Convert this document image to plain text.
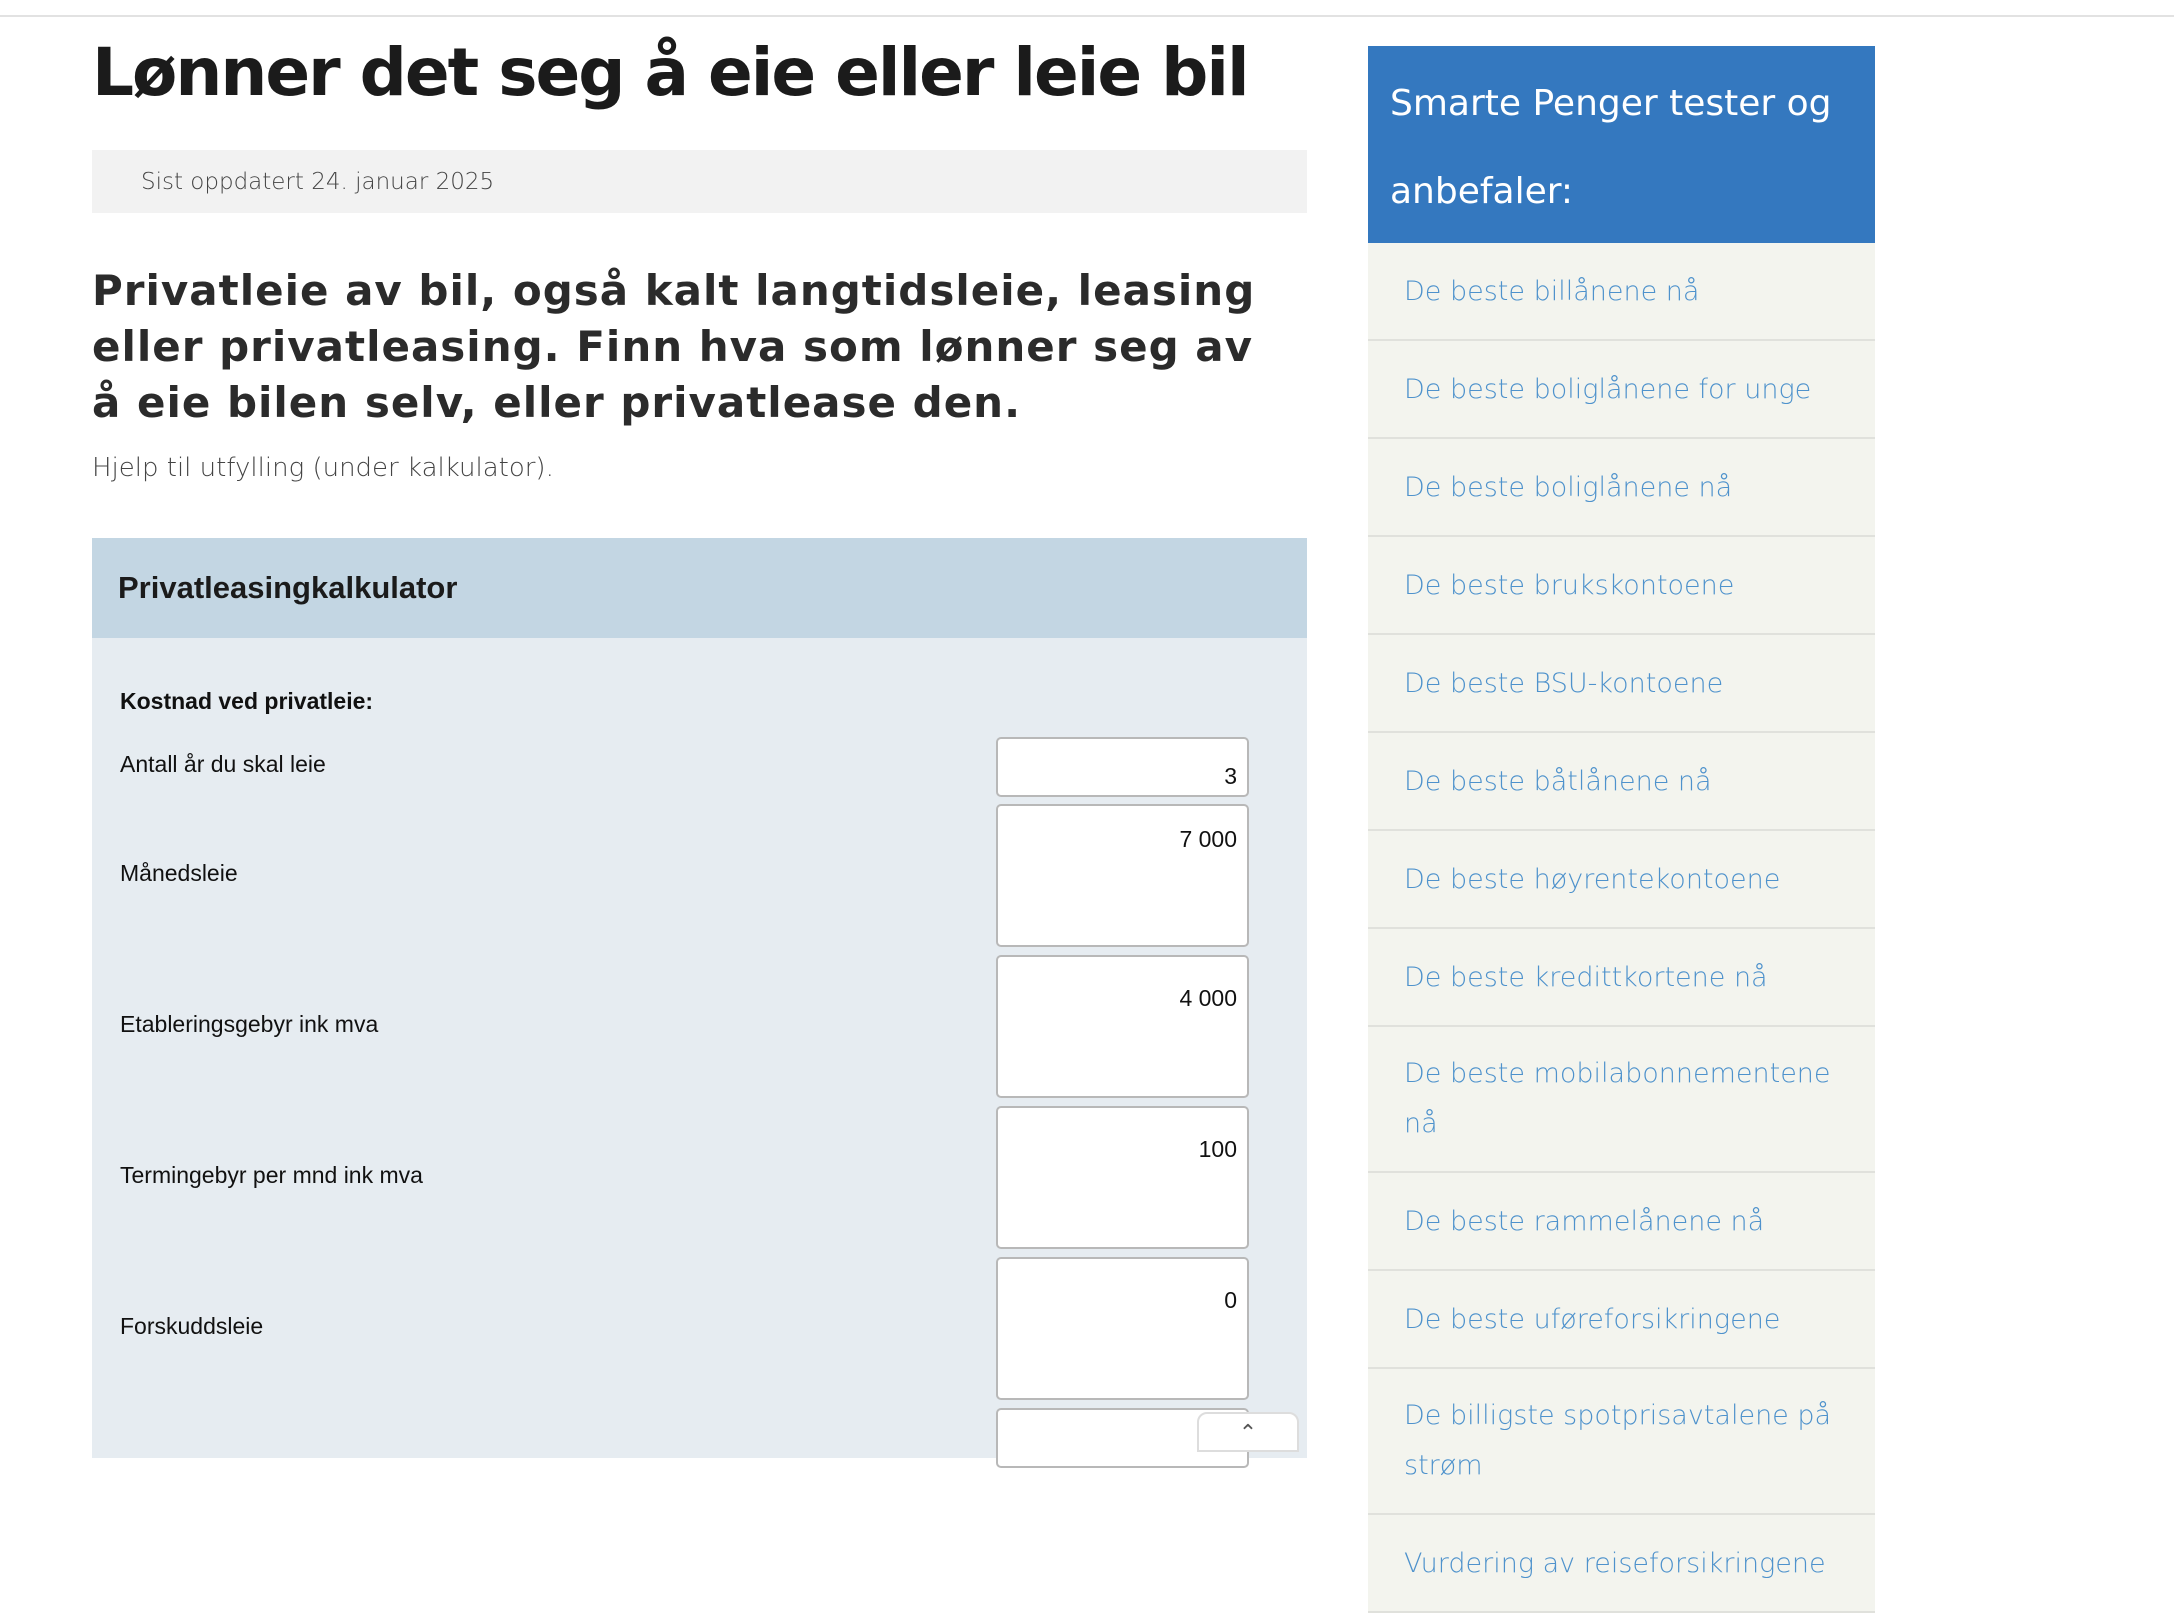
Lønner det seg å eie eller leie bil
Sist oppdatert 24. januar 2025

Privatleie av bil, også kalt langtidsleie, leasing eller privatleasing. Finn hva som lønner seg av å eie bilen selv, eller privatlease den.

Hjelp til utfylling (under kalkulator).

Privatleasingkalkulator
Kostnad ved privatleie:
Antall år du skal leie	3
Månedsleie
7 000
Etableringsgebyr ink mva
4 000
Termingebyr per mnd ink mva
100
Forskuddsleie
0
⌃
Smarte Penger tester og anbefaler:
De beste billånene nå
De beste boliglånene for unge
De beste boliglånene nå
De beste brukskontoene
De beste BSU-kontoene
De beste båtlånene nå
De beste høyrentekontoene
De beste kredittkortene nå
De beste mobilabonnementene nå
De beste rammelånene nå
De beste uføreforsikringene
De billigste spotprisavtalene på strøm
Vurdering av reiseforsikringene
